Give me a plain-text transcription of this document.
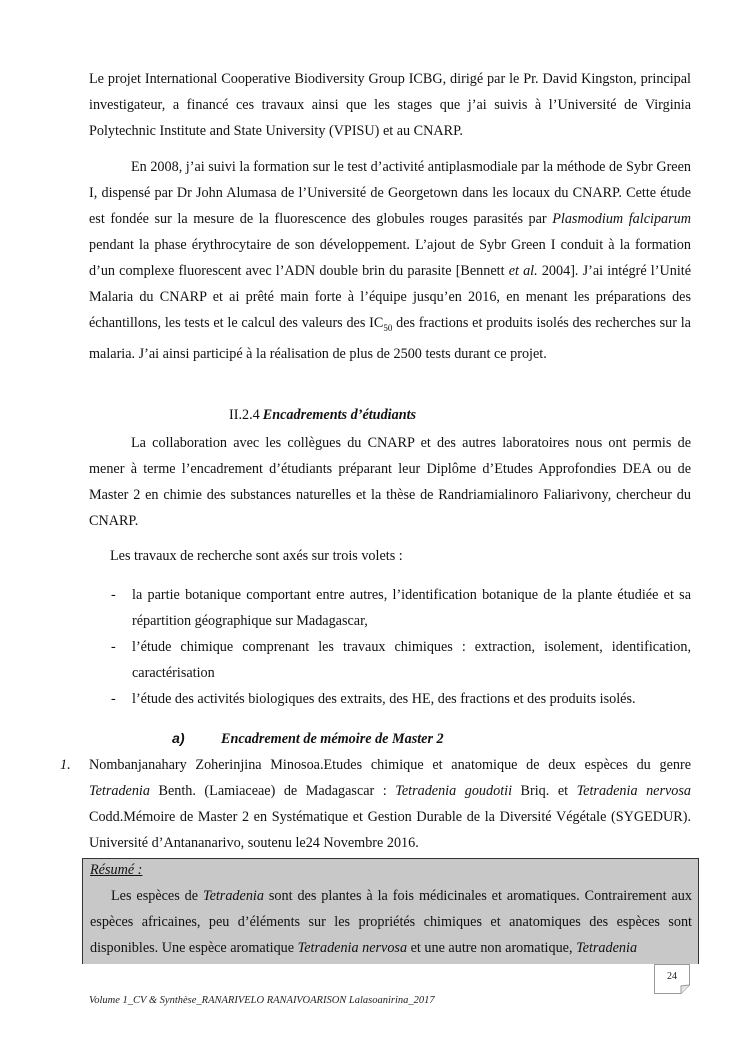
Le projet International Cooperative Biodiversity Group ICBG, dirigé par le Pr. David Kingston, principal investigateur, a financé ces travaux ainsi que les stages que j’ai suivis à l’Université de Virginia Polytechnic Institute and State University (VPISU) et au CNARP.

En 2008, j’ai suivi la formation sur le test d’activité antiplasmodiale par la méthode de Sybr Green I, dispensé par Dr John Alumasa de l’Université de Georgetown dans les locaux du CNARP. Cette étude est fondée sur la mesure de la fluorescence des globules rouges parasités par Plasmodium falciparum pendant la phase érythrocytaire de son développement. L’ajout de Sybr Green I conduit à la formation d’un complexe fluorescent avec l’ADN double brin du parasite [Bennett et al. 2004]. J’ai intégré l’Unité Malaria du CNARP et ai prêté main forte à l’équipe jusqu’en 2016, en menant les préparations des échantillons, les tests et le calcul des valeurs des $IC_{50}$ des fractions et produits isolés des recherches sur la malaria. J’ai ainsi participé à la réalisation de plus de 2500 tests durant ce projet.

II.2.4 Encadrements d’étudiants

La collaboration avec les collègues du CNARP et des autres laboratoires nous ont permis de mener à terme l’encadrement d’étudiants préparant leur Diplôme d’Etudes Approfondies DEA ou de Master 2 en chimie des substances naturelles et la thèse de Randriamialinoro Faliarivony, chercheur du CNARP.

Les travaux de recherche sont axés sur trois volets :

- la partie botanique comportant entre autres, l’identification botanique de la plante étudiée et sa répartition géographique sur Madagascar,
- l’étude chimique comprenant les travaux chimiques : extraction, isolement, identification, caractérisation
- l’étude des activités biologiques des extraits, des HE, des fractions et des produits isolés.

a)	Encadrement de mémoire de Master 2

1. Nombanjanahary Zoherinjina Minosoa.Etudes chimique et anatomique de deux espèces du genre Tetradenia Benth. (Lamiaceae) de Madagascar : Tetradenia goudotii Briq. et Tetradenia nervosa Codd.Mémoire de Master 2 en Systématique et Gestion Durable de la Diversité Végétale (SYGEDUR). Université d’Antananarivo, soutenu le24 Novembre 2016.

Résumé :

Les espèces de Tetradenia sont des plantes à la fois médicinales et aromatiques. Contrairement aux espèces africaines, peu d’éléments sur les propriétés chimiques et anatomiques des espèces sont disponibles. Une espèce aromatique Tetradenia nervosa et une autre non aromatique, Tetradenia

24

Volume 1_CV & Synthèse_RANARIVELO RANAIVOARISON Lalasoanirina_2017
